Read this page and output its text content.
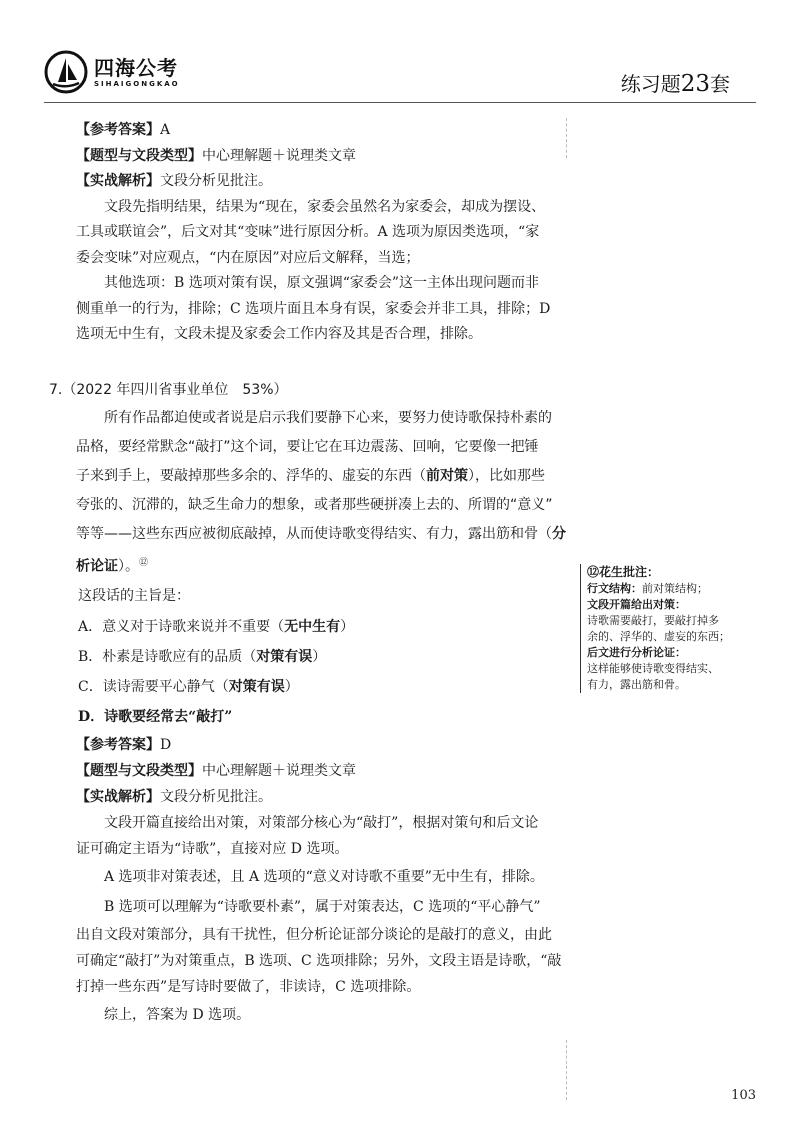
四海公考
SIHAIGONGKAO	练习题23套
【参考答案】A
【题型与文段类型】中心理解题＋说理类文章
【实战解析】文段分析见批注。
文段先指明结果，结果为“现在，家委会虽然名为家委会，却成为摆设、
工具或联谊会”，后文对其“变味”进行原因分析。A 选项为原因类选项，“家
委会变味”对应观点，“内在原因”对应后文解释，当选；
其他选项：B 选项对策有误，原文强调“家委会”这一主体出现问题而非
侧重单一的行为，排除；C 选项片面且本身有误，家委会并非工具，排除；D
选项无中生有，文段未提及家委会工作内容及其是否合理，排除。
7.（2022 年四川省事业单位　53%）
所有作品都迫使或者说是启示我们要静下心来，要努力使诗歌保持朴素的
品格，要经常默念“敲打”这个词，要让它在耳边震荡、回响，它要像一把锤
子来到手上，要敲掉那些多余的、浮华的、虚妄的东西（前对策），比如那些
夸张的、沉滞的，缺乏生命力的想象，或者那些硬拼凑上去的、所谓的“意义”
等等——这些东西应被彻底敲掉，从而使诗歌变得结实、有力，露出筋和骨（分
析论证）。⑫
这段话的主旨是：
A．意义对于诗歌来说并不重要（无中生有）
B．朴素是诗歌应有的品质（对策有误）
C．读诗需要平心静气（对策有误）
D．诗歌要经常去“敲打”
【参考答案】D
【题型与文段类型】中心理解题＋说理类文章
【实战解析】文段分析见批注。
文段开篇直接给出对策，对策部分核心为“敲打”，根据对策句和后文论
证可确定主语为“诗歌”，直接对应 D 选项。
A 选项非对策表述，且 A 选项的“意义对诗歌不重要”无中生有，排除。
B 选项可以理解为“诗歌要朴素”，属于对策表达，C 选项的“平心静气”
出自文段对策部分，具有干扰性，但分析论证部分谈论的是敲打的意义，由此
可确定“敲打”为对策重点，B 选项、C 选项排除；另外，文段主语是诗歌，“敲
打掉一些东西”是写诗时要做了，非读诗，C 选项排除。
综上，答案为 D 选项。
⑫花生批注：
行文结构：前对策结构；
文段开篇给出对策：
诗歌需要敲打，要敲打掉多
余的、浮华的、虚妄的东西；
后文进行分析论证：
这样能够使诗歌变得结实、
有力，露出筋和骨。
103
